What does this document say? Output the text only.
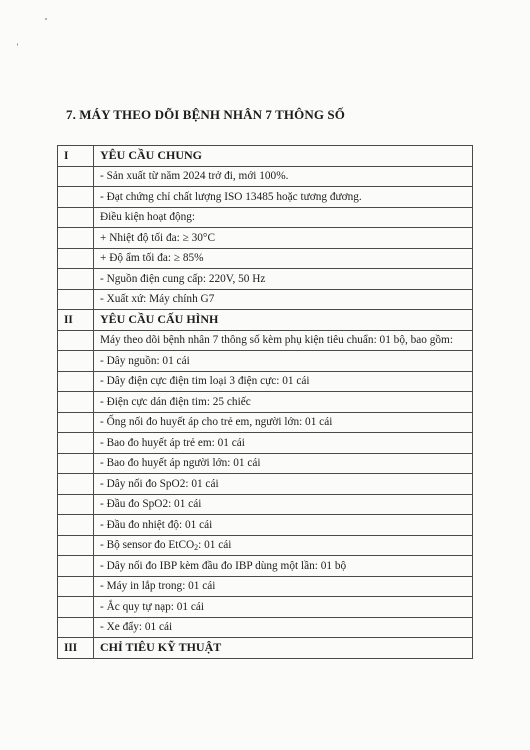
7. MÁY THEO DÕI BỆNH NHÂN 7 THÔNG SỐ
I	YÊU CẦU CHUNG
	- Sản xuất từ năm 2024 trở đi, mới 100%.
	- Đạt chứng chỉ chất lượng ISO 13485 hoặc tương đương.
	Điều kiện hoạt động:
	+ Nhiệt độ tối đa: ≥ 30°C
	+ Độ ẩm tối đa: ≥ 85%
	- Nguồn điện cung cấp: 220V, 50 Hz
	- Xuất xứ: Máy chính G7
II	YÊU CẦU CẤU HÌNH
	Máy theo dõi bệnh nhân 7 thông số kèm phụ kiện tiêu chuẩn: 01 bộ, bao gồm:
	- Dây nguồn: 01 cái
	- Dây điện cực điện tim loại 3 điện cực: 01 cái
	- Điện cực dán điện tim: 25 chiếc
	- Ống nối đo huyết áp cho trẻ em, người lớn: 01 cái
	- Bao đo huyết áp trẻ em: 01 cái
	- Bao đo huyết áp người lớn: 01 cái
	- Dây nối đo SpO2: 01 cái
	- Đầu đo SpO2: 01 cái
	- Đầu đo nhiệt độ: 01 cái
	- Bộ sensor đo EtCO2: 01 cái
	- Dây nối đo IBP kèm đầu đo IBP dùng một lần: 01 bộ
	- Máy in lắp trong: 01 cái
	- Ắc quy tự nạp: 01 cái
	- Xe đẩy: 01 cái
III	CHỈ TIÊU KỸ THUẬT
